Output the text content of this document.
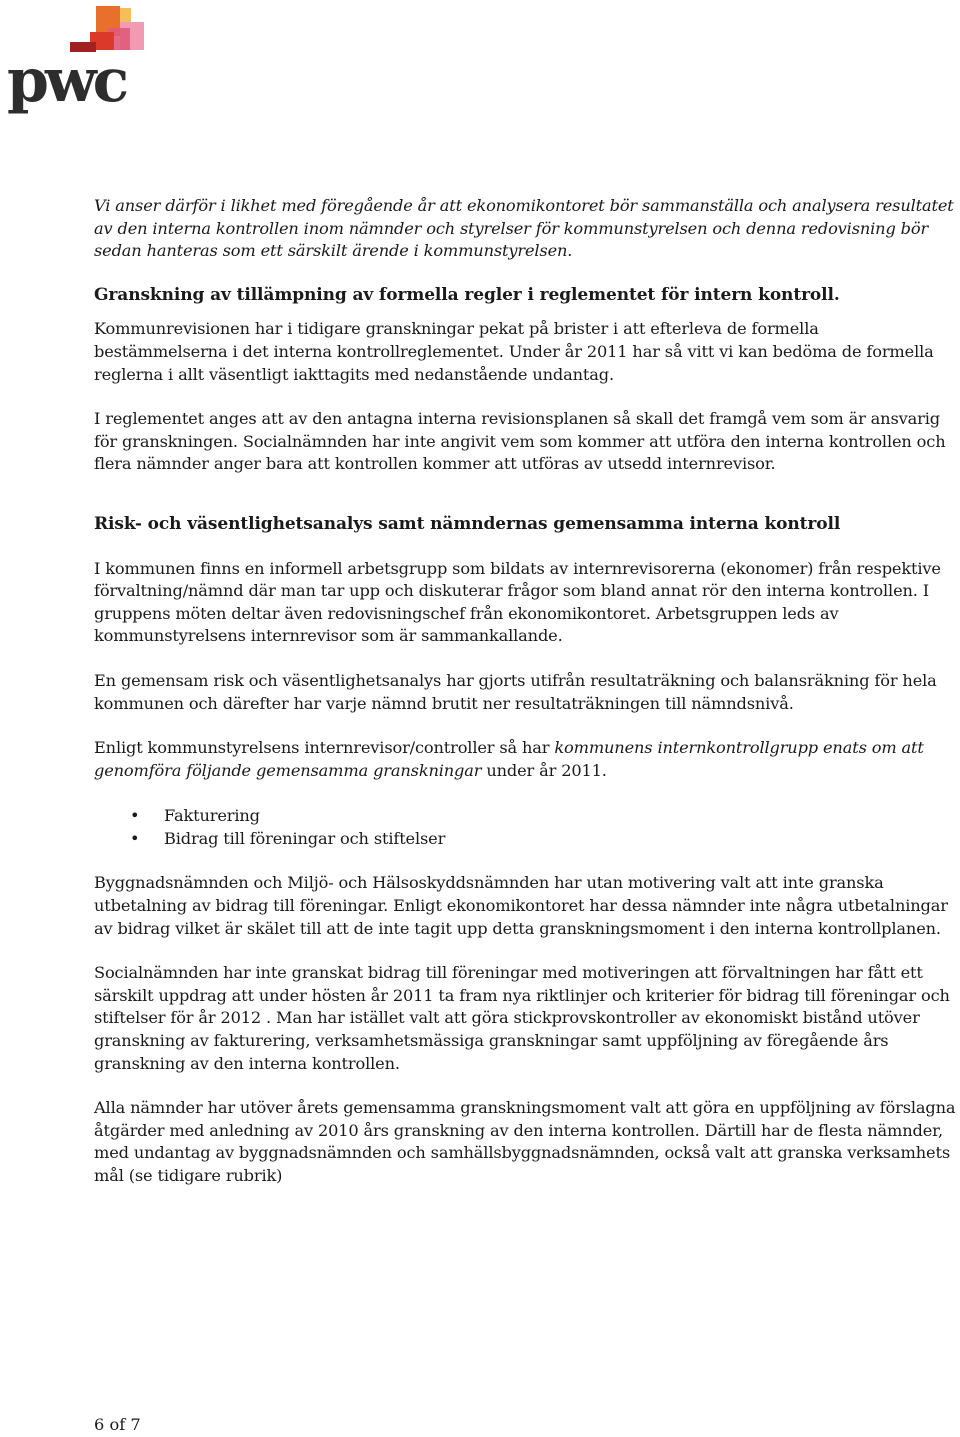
pwc

Vi anser därför i likhet med föregående år att ekonomikontoret bör sammanställa och analysera resultatet av den interna kontrollen inom nämnder och styrelser för kommunstyrelsen och denna redovisning bör sedan hanteras som ett särskilt ärende i kommunstyrelsen.

Granskning av tillämpning av formella regler i reglementet för intern kontroll.

Kommunrevisionen har i tidigare granskningar pekat på brister i att efterleva de formella bestämmelserna i det interna kontrollreglementet. Under år 2011 har så vitt vi kan bedöma de formella reglerna i allt väsentligt iakttagits med nedanstående undantag.

I reglementet anges att av den antagna interna revisionsplanen så skall det framgå vem som är ansvarig för granskningen. Socialnämnden har inte angivit vem som kommer att utföra den interna kontrollen och flera nämnder anger bara att kontrollen kommer att utföras av utsedd internrevisor.

Risk- och väsentlighetsanalys samt nämndernas gemensamma interna kontroll

I kommunen finns en informell arbetsgrupp som bildats av internrevisorerna (ekonomer) från respektive förvaltning/nämnd där man tar upp och diskuterar frågor som bland annat rör den interna kontrollen. I gruppens möten deltar även redovisningschef från ekonomikontoret. Arbetsgruppen leds av kommunstyrelsens internrevisor som är sammankallande.

En gemensam risk och väsentlighetsanalys har gjorts utifrån resultaträkning och balansräkning för hela kommunen och därefter har varje nämnd brutit ner resultaträkningen till nämndsnivå.

Enligt kommunstyrelsens internrevisor/controller så har kommunens internkontrollgrupp enats om att genomföra följande gemensamma granskningar under år 2011.

• Fakturering
• Bidrag till föreningar och stiftelser

Byggnadsnämnden och Miljö- och Hälsoskyddsnämnden har utan motivering valt att inte granska utbetalning av bidrag till föreningar. Enligt ekonomikontoret har dessa nämnder inte några utbetalningar av bidrag vilket är skälet till att de inte tagit upp detta granskningsmoment i den interna kontrollplanen.

Socialnämnden har inte granskat bidrag till föreningar med motiveringen att förvaltningen har fått ett särskilt uppdrag att under hösten år 2011 ta fram nya riktlinjer och kriterier för bidrag till föreningar och stiftelser för år 2012 . Man har istället valt att göra stickprovskontroller av ekonomiskt bistånd utöver granskning av fakturering, verksamhetsmässiga granskningar samt uppföljning av föregående års granskning av den interna kontrollen.

Alla nämnder har utöver årets gemensamma granskningsmoment valt att göra en uppföljning av förslagna åtgärder med anledning av 2010 års granskning av den interna kontrollen. Därtill har de flesta nämnder, med undantag av byggnadsnämnden och samhällsbyggnadsnämnden, också valt att granska verksamhets mål (se tidigare rubrik)

6 of 7
